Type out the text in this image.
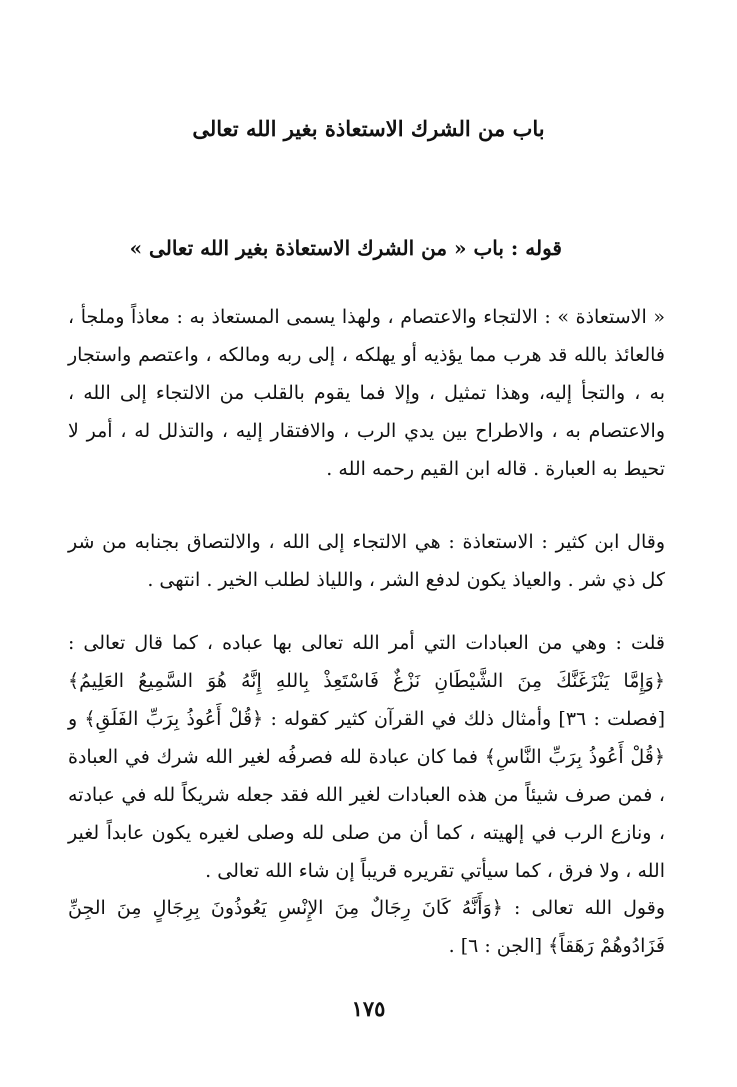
باب من الشرك الاستعاذة بغير الله تعالى
قوله : باب « من الشرك الاستعاذة بغير الله تعالى »
« الاستعاذة » : الالتجاء والاعتصام ، ولهذا يسمى المستعاذ به : معاذاً وملجأ ، فالعائذ بالله قد هرب مما يؤذيه أو يهلكه ، إلى ربه ومالكه ، واعتصم واستجار به ، والتجأ إليه، وهذا تمثيل ، وإلا فما يقوم بالقلب من الالتجاء إلى الله ، والاعتصام به ، والاطراح بين يدي الرب ، والافتقار إليه ، والتذلل له ، أمر لا تحيط به العبارة . قاله ابن القيم رحمه الله .
وقال ابن كثير : الاستعاذة : هي الالتجاء إلى الله ، والالتصاق بجنابه من شر كل ذي شر . والعياذ يكون لدفع الشر ، واللياذ لطلب الخير . انتهى .
قلت : وهي من العبادات التي أمر الله تعالى بها عباده ، كما قال تعالى : ﴿وَإِمَّا يَنْزَغَنَّكَ مِنَ الشَّيْطَانِ نَزْغٌ فَاسْتَعِذْ بِاللهِ إِنَّهُ هُوَ السَّمِيعُ العَلِيمُ﴾ [فصلت : ٣٦] وأمثال ذلك في القرآن كثير كقوله : ﴿قُلْ أَعُوذُ بِرَبِّ الفَلَقِ﴾ و ﴿قُلْ أَعُوذُ بِرَبِّ النَّاسِ﴾ فما كان عبادة لله فصرفُه لغير الله شرك في العبادة ، فمن صرف شيئاً من هذه العبادات لغير الله فقد جعله شريكاً لله في عبادته ، ونازع الرب في إلهيته ، كما أن من صلى لله وصلى لغيره يكون عابداً لغير الله ، ولا فرق ، كما سيأتي تقريره قريباً إن شاء الله تعالى .
وقول الله تعالى : ﴿وَأَنَّهُ كَانَ رِجَالٌ مِنَ الإِنْسِ يَعُوذُونَ بِرِجَالٍ مِنَ الجِنِّ فَزَادُوهُمْ رَهَقاً﴾ [الجن : ٦] .
١٧٥
